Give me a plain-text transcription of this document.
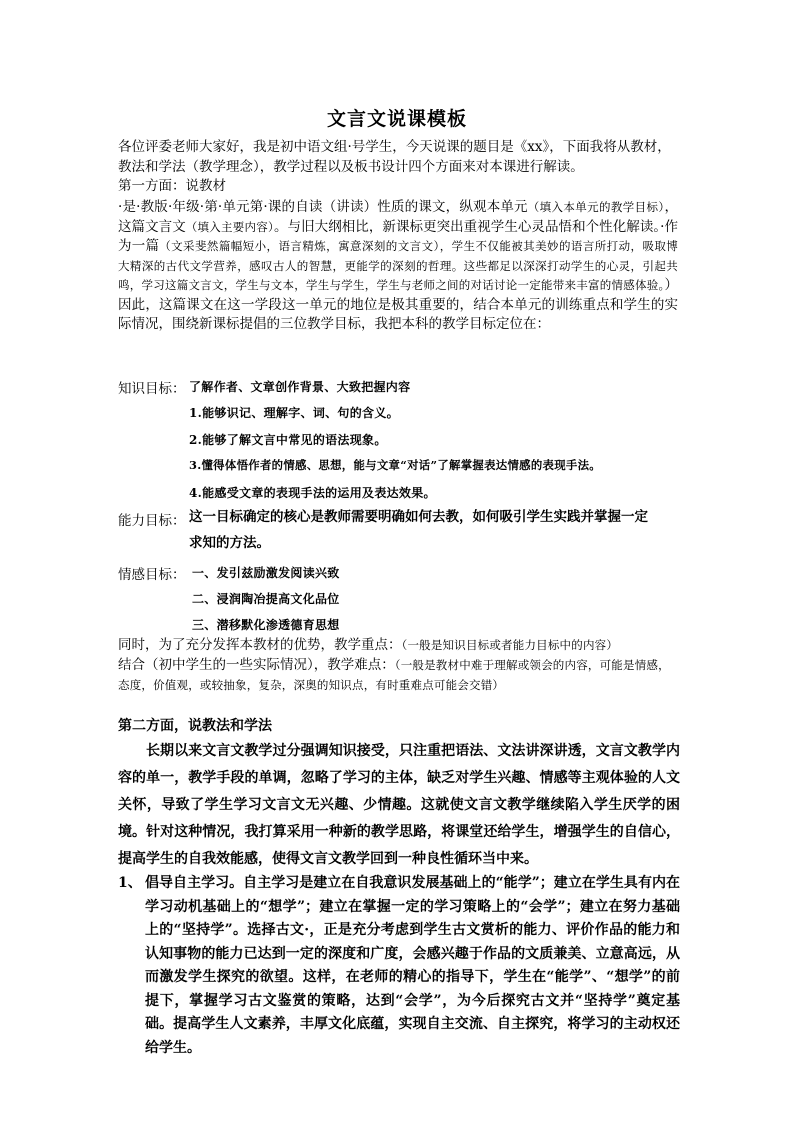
文言文说课模板
各位评委老师大家好，我是初中语文组·号学生，今天说课的题目是《xx》，下面我将从教材，教法和学法（教学理念），教学过程以及板书设计四个方面来对本课进行解读。
第一方面：说教材
·是·教版·年级·第·单元第·课的自读（讲读）性质的课文，纵观本单元（填入本单元的教学目标），这篇文言文（填入主要内容）。与旧大纲相比，新课标更突出重视学生心灵品悟和个性化解读。·作为一篇（文采斐然篇幅短小，语言精炼，寓意深刻的文言文），学生不仅能被其美妙的语言所打动，吸取博大精深的古代文学营养，感叹古人的智慧，更能学的深刻的哲理。这些都足以深深打动学生的心灵，引起共鸣，学习这篇文言文，学生与文本，学生与学生，学生与老师之间的对话讨论一定能带来丰富的情感体验。）因此，这篇课文在这一学段这一单元的地位是极其重要的，结合本单元的训练重点和学生的实际情况，围绕新课标提倡的三位教学目标，我把本科的教学目标定位在：
知识目标： 了解作者、文章创作背景、大致把握内容
1.能够识记、理解字、词、句的含义。
2.能够了解文言中常见的语法现象。
3.懂得体悟作者的情感、思想，能与文章“对话”了解掌握表达情感的表现手法。
4.能感受文章的表现手法的运用及表达效果。
能力目标： 这一目标确定的核心是教师需要明确如何去教，如何吸引学生实践并掌握一定
求知的方法。
情感目标： 一、发引兹励激发阅读兴致
二、浸润陶冶提高文化品位
三、潜移默化渗透德育思想
同时，为了充分发挥本教材的优势，教学重点：（一般是知识目标或者能力目标中的内容）
结合（初中学生的一些实际情况），教学难点：（一般是教材中难于理解或领会的内容，可能是情感，态度，价值观，或较抽象，复杂，深奥的知识点，有时重难点可能会交错）
第二方面，说教法和学法

长期以来文言文教学过分强调知识接受，只注重把语法、文法讲深讲透，文言文教学内容的单一，教学手段的单调，忽略了学习的主体，缺乏对学生兴趣、情感等主观体验的人文关怀，导致了学生学习文言文无兴趣、少情趣。这就使文言文教学继续陷入学生厌学的困境。针对这种情况，我打算采用一种新的教学思路，将课堂还给学生，增强学生的自信心，提高学生的自我效能感，使得文言文教学回到一种良性循环当中来。

1、 倡导自主学习。自主学习是建立在自我意识发展基础上的“能学”；建立在学生具有内在学习动机基础上的“想学”；建立在掌握一定的学习策略上的“会学”；建立在努力基础上的“坚持学”。选择古文·，正是充分考虑到学生古文赏析的能力、评价作品的能力和认知事物的能力已达到一定的深度和广度，会感兴趣于作品的文质兼美、立意高远，从而激发学生探究的欲望。这样，在老师的精心的指导下，学生在“能学”、“想学”的前提下，掌握学习古文鉴赏的策略，达到“会学”，为今后探究古文并“坚持学”奠定基础。提高学生人文素养，丰厚文化底蕴，实现自主交流、自主探究，将学习的主动权还给学生。
